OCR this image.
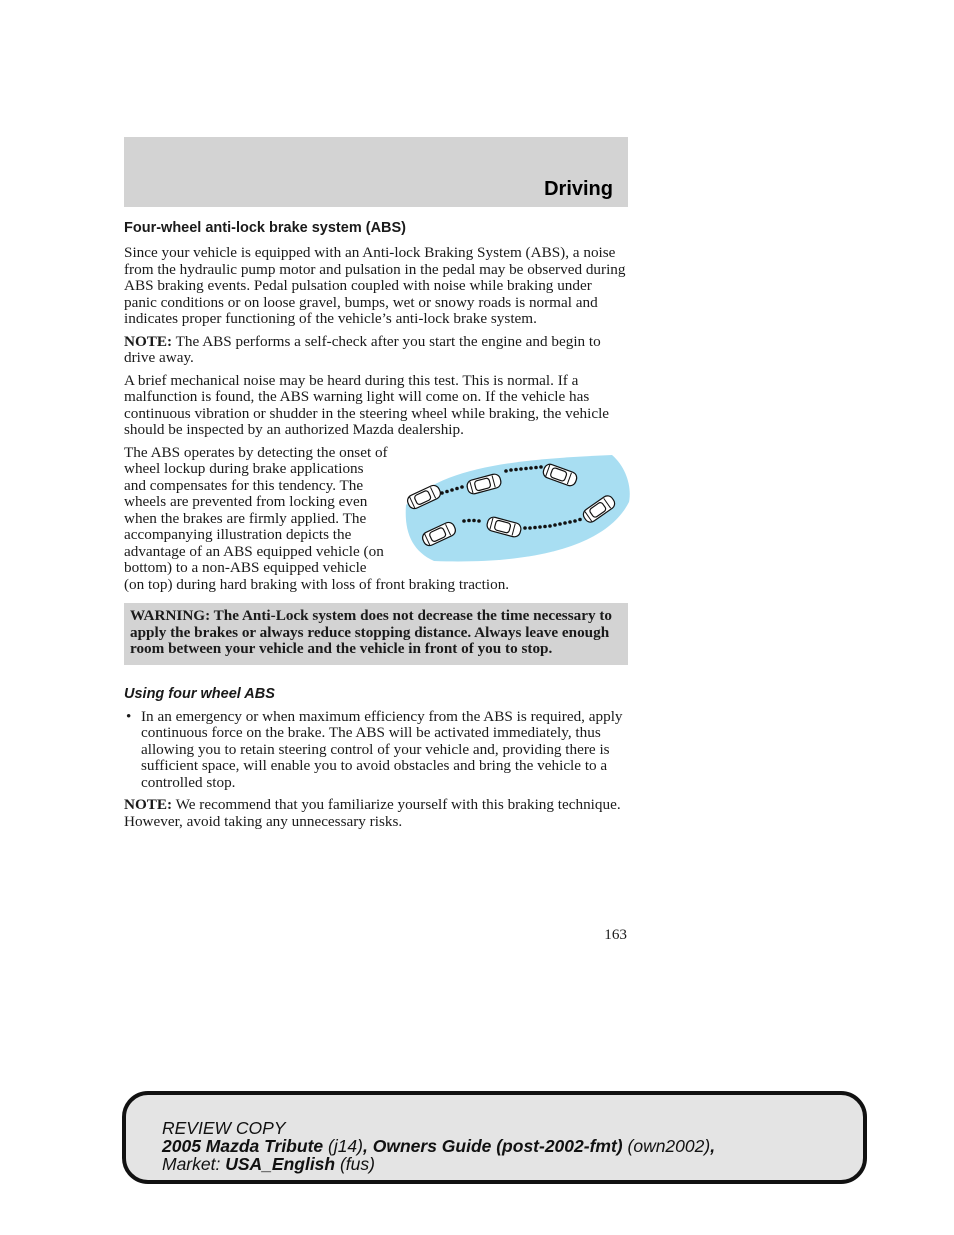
Driving
Four-wheel anti-lock brake system (ABS)

Since your vehicle is equipped with an Anti-lock Braking System (ABS), a noise from the hydraulic pump motor and pulsation in the pedal may be observed during ABS braking events. Pedal pulsation coupled with noise while braking under panic conditions or on loose gravel, bumps, wet or snowy roads is normal and indicates proper functioning of the vehicle’s anti-lock brake system.

NOTE: The ABS performs a self-check after you start the engine and begin to drive away.

A brief mechanical noise may be heard during this test. This is normal. If a malfunction is found, the ABS warning light will come on. If the vehicle has continuous vibration or shudder in the steering wheel while braking, the vehicle should be inspected by an authorized Mazda dealership.

The ABS operates by detecting the onset of wheel lockup during brake applications and compensates for this tendency. The wheels are prevented from locking even when the brakes are firmly applied. The accompanying illustration depicts the advantage of an ABS equipped vehicle (on bottom) to a non-ABS equipped vehicle (on top) during hard braking with loss of front braking traction.

WARNING: The Anti-Lock system does not decrease the time necessary to apply the brakes or always reduce stopping distance. Always leave enough room between your vehicle and the vehicle in front of you to stop.
Using four wheel ABS
• In an emergency or when maximum efficiency from the ABS is required, apply continuous force on the brake. The ABS will be activated immediately, thus allowing you to retain steering control of your vehicle and, providing there is sufficient space, will enable you to avoid obstacles and bring the vehicle to a controlled stop.

NOTE: We recommend that you familiarize yourself with this braking technique. However, avoid taking any unnecessary risks.

163
REVIEW COPY
2005 Mazda Tribute (j14), Owners Guide (post-2002-fmt) (own2002),
Market: USA_English (fus)
